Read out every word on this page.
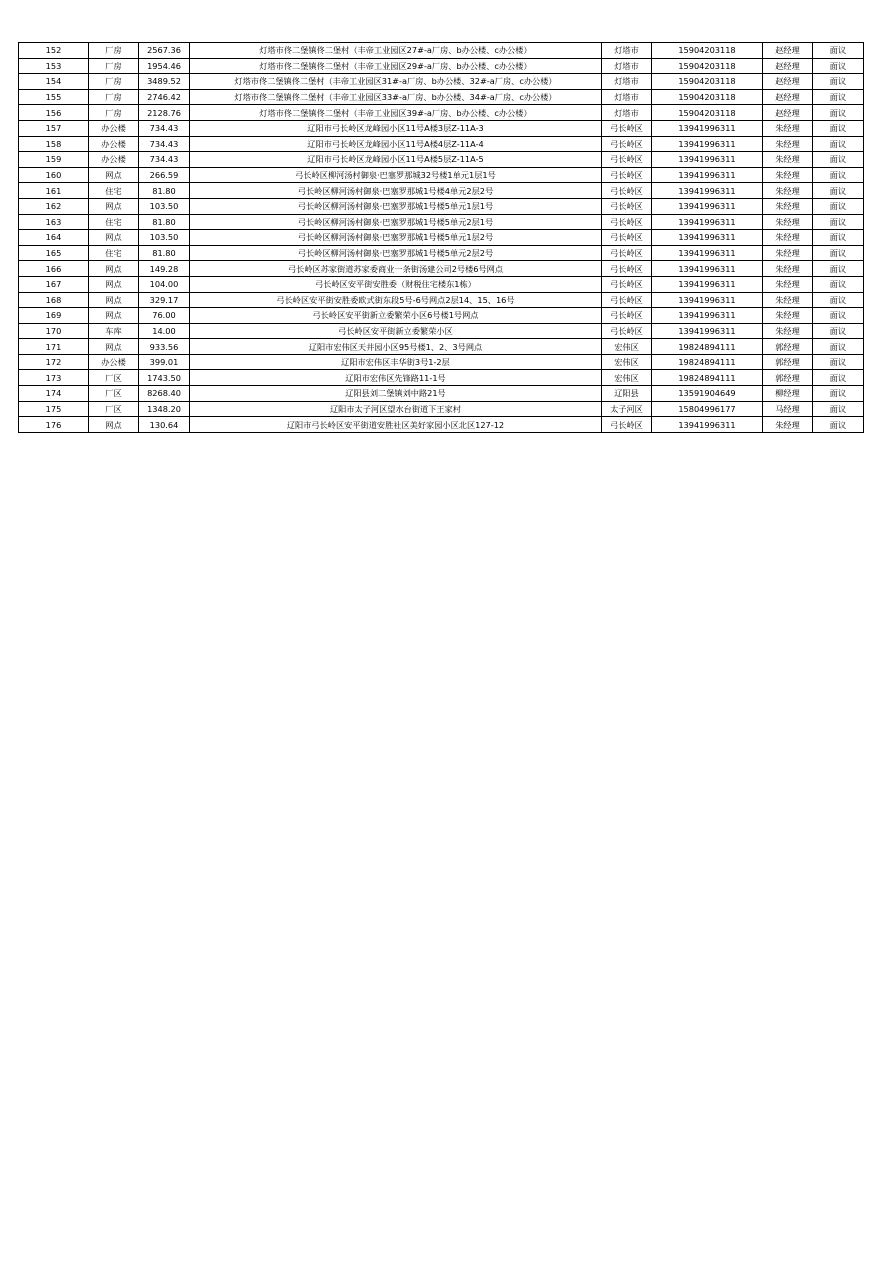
152	厂房	2567.36	灯塔市佟二堡镇佟二堡村（丰帝工业园区27#-a厂房、b办公楼、c办公楼）	灯塔市	15904203118	赵经理	面议
153	厂房	1954.46	灯塔市佟二堡镇佟二堡村（丰帝工业园区29#-a厂房、b办公楼、c办公楼）	灯塔市	15904203118	赵经理	面议
154	厂房	3489.52	灯塔市佟二堡镇佟二堡村（丰帝工业园区31#-a厂房、b办公楼、32#-a厂房、c办公楼）	灯塔市	15904203118	赵经理	面议
155	厂房	2746.42	灯塔市佟二堡镇佟二堡村（丰帝工业园区33#-a厂房、b办公楼、34#-a厂房、c办公楼）	灯塔市	15904203118	赵经理	面议
156	厂房	2128.76	灯塔市佟二堡镇佟二堡村（丰帝工业园区39#-a厂房、b办公楼、c办公楼）	灯塔市	15904203118	赵经理	面议
157	办公楼	734.43	辽阳市弓长岭区龙峰园小区11号A楼3层Z-11A-3	弓长岭区	13941996311	朱经理	面议
158	办公楼	734.43	辽阳市弓长岭区龙峰园小区11号A楼4层Z-11A-4	弓长岭区	13941996311	朱经理	面议
159	办公楼	734.43	辽阳市弓长岭区龙峰园小区11号A楼5层Z-11A-5	弓长岭区	13941996311	朱经理	面议
160	网点	266.59	弓长岭区柳河汤村御泉·巴塞罗那城32号楼1单元1层1号	弓长岭区	13941996311	朱经理	面议
161	住宅	81.80	弓长岭区柳河汤村御泉·巴塞罗那城1号楼4单元2层2号	弓长岭区	13941996311	朱经理	面议
162	网点	103.50	弓长岭区柳河汤村御泉·巴塞罗那城1号楼5单元1层1号	弓长岭区	13941996311	朱经理	面议
163	住宅	81.80	弓长岭区柳河汤村御泉·巴塞罗那城1号楼5单元2层1号	弓长岭区	13941996311	朱经理	面议
164	网点	103.50	弓长岭区柳河汤村御泉·巴塞罗那城1号楼5单元1层2号	弓长岭区	13941996311	朱经理	面议
165	住宅	81.80	弓长岭区柳河汤村御泉·巴塞罗那城1号楼5单元2层2号	弓长岭区	13941996311	朱经理	面议
166	网点	149.28	弓长岭区苏家街道苏家委商业一条街汤建公司2号楼6号网点	弓长岭区	13941996311	朱经理	面议
167	网点	104.00	弓长岭区安平街安胜委（财税住宅楼东1栋）	弓长岭区	13941996311	朱经理	面议
168	网点	329.17	弓长岭区安平街安胜委欧式街东段5号-6号网点2层14、15、16号	弓长岭区	13941996311	朱经理	面议
169	网点	76.00	弓长岭区安平街新立委繁荣小区6号楼1号网点	弓长岭区	13941996311	朱经理	面议
170	车库	14.00	弓长岭区安平街新立委繁荣小区	弓长岭区	13941996311	朱经理	面议
171	网点	933.56	辽阳市宏伟区天井园小区95号楼1、2、3号网点	宏伟区	19824894111	郭经理	面议
172	办公楼	399.01	辽阳市宏伟区丰华街3号1-2层	宏伟区	19824894111	郭经理	面议
173	厂区	1743.50	辽阳市宏伟区先锋路11-1号	宏伟区	19824894111	郭经理	面议
174	厂区	8268.40	辽阳县刘二堡镇刘中路21号	辽阳县	13591904649	柳经理	面议
175	厂区	1348.20	辽阳市太子河区望水台街道下王家村	太子河区	15804996177	马经理	面议
176	网点	130.64	辽阳市弓长岭区安平街道安胜社区美好家园小区北区127-12	弓长岭区	13941996311	朱经理	面议
